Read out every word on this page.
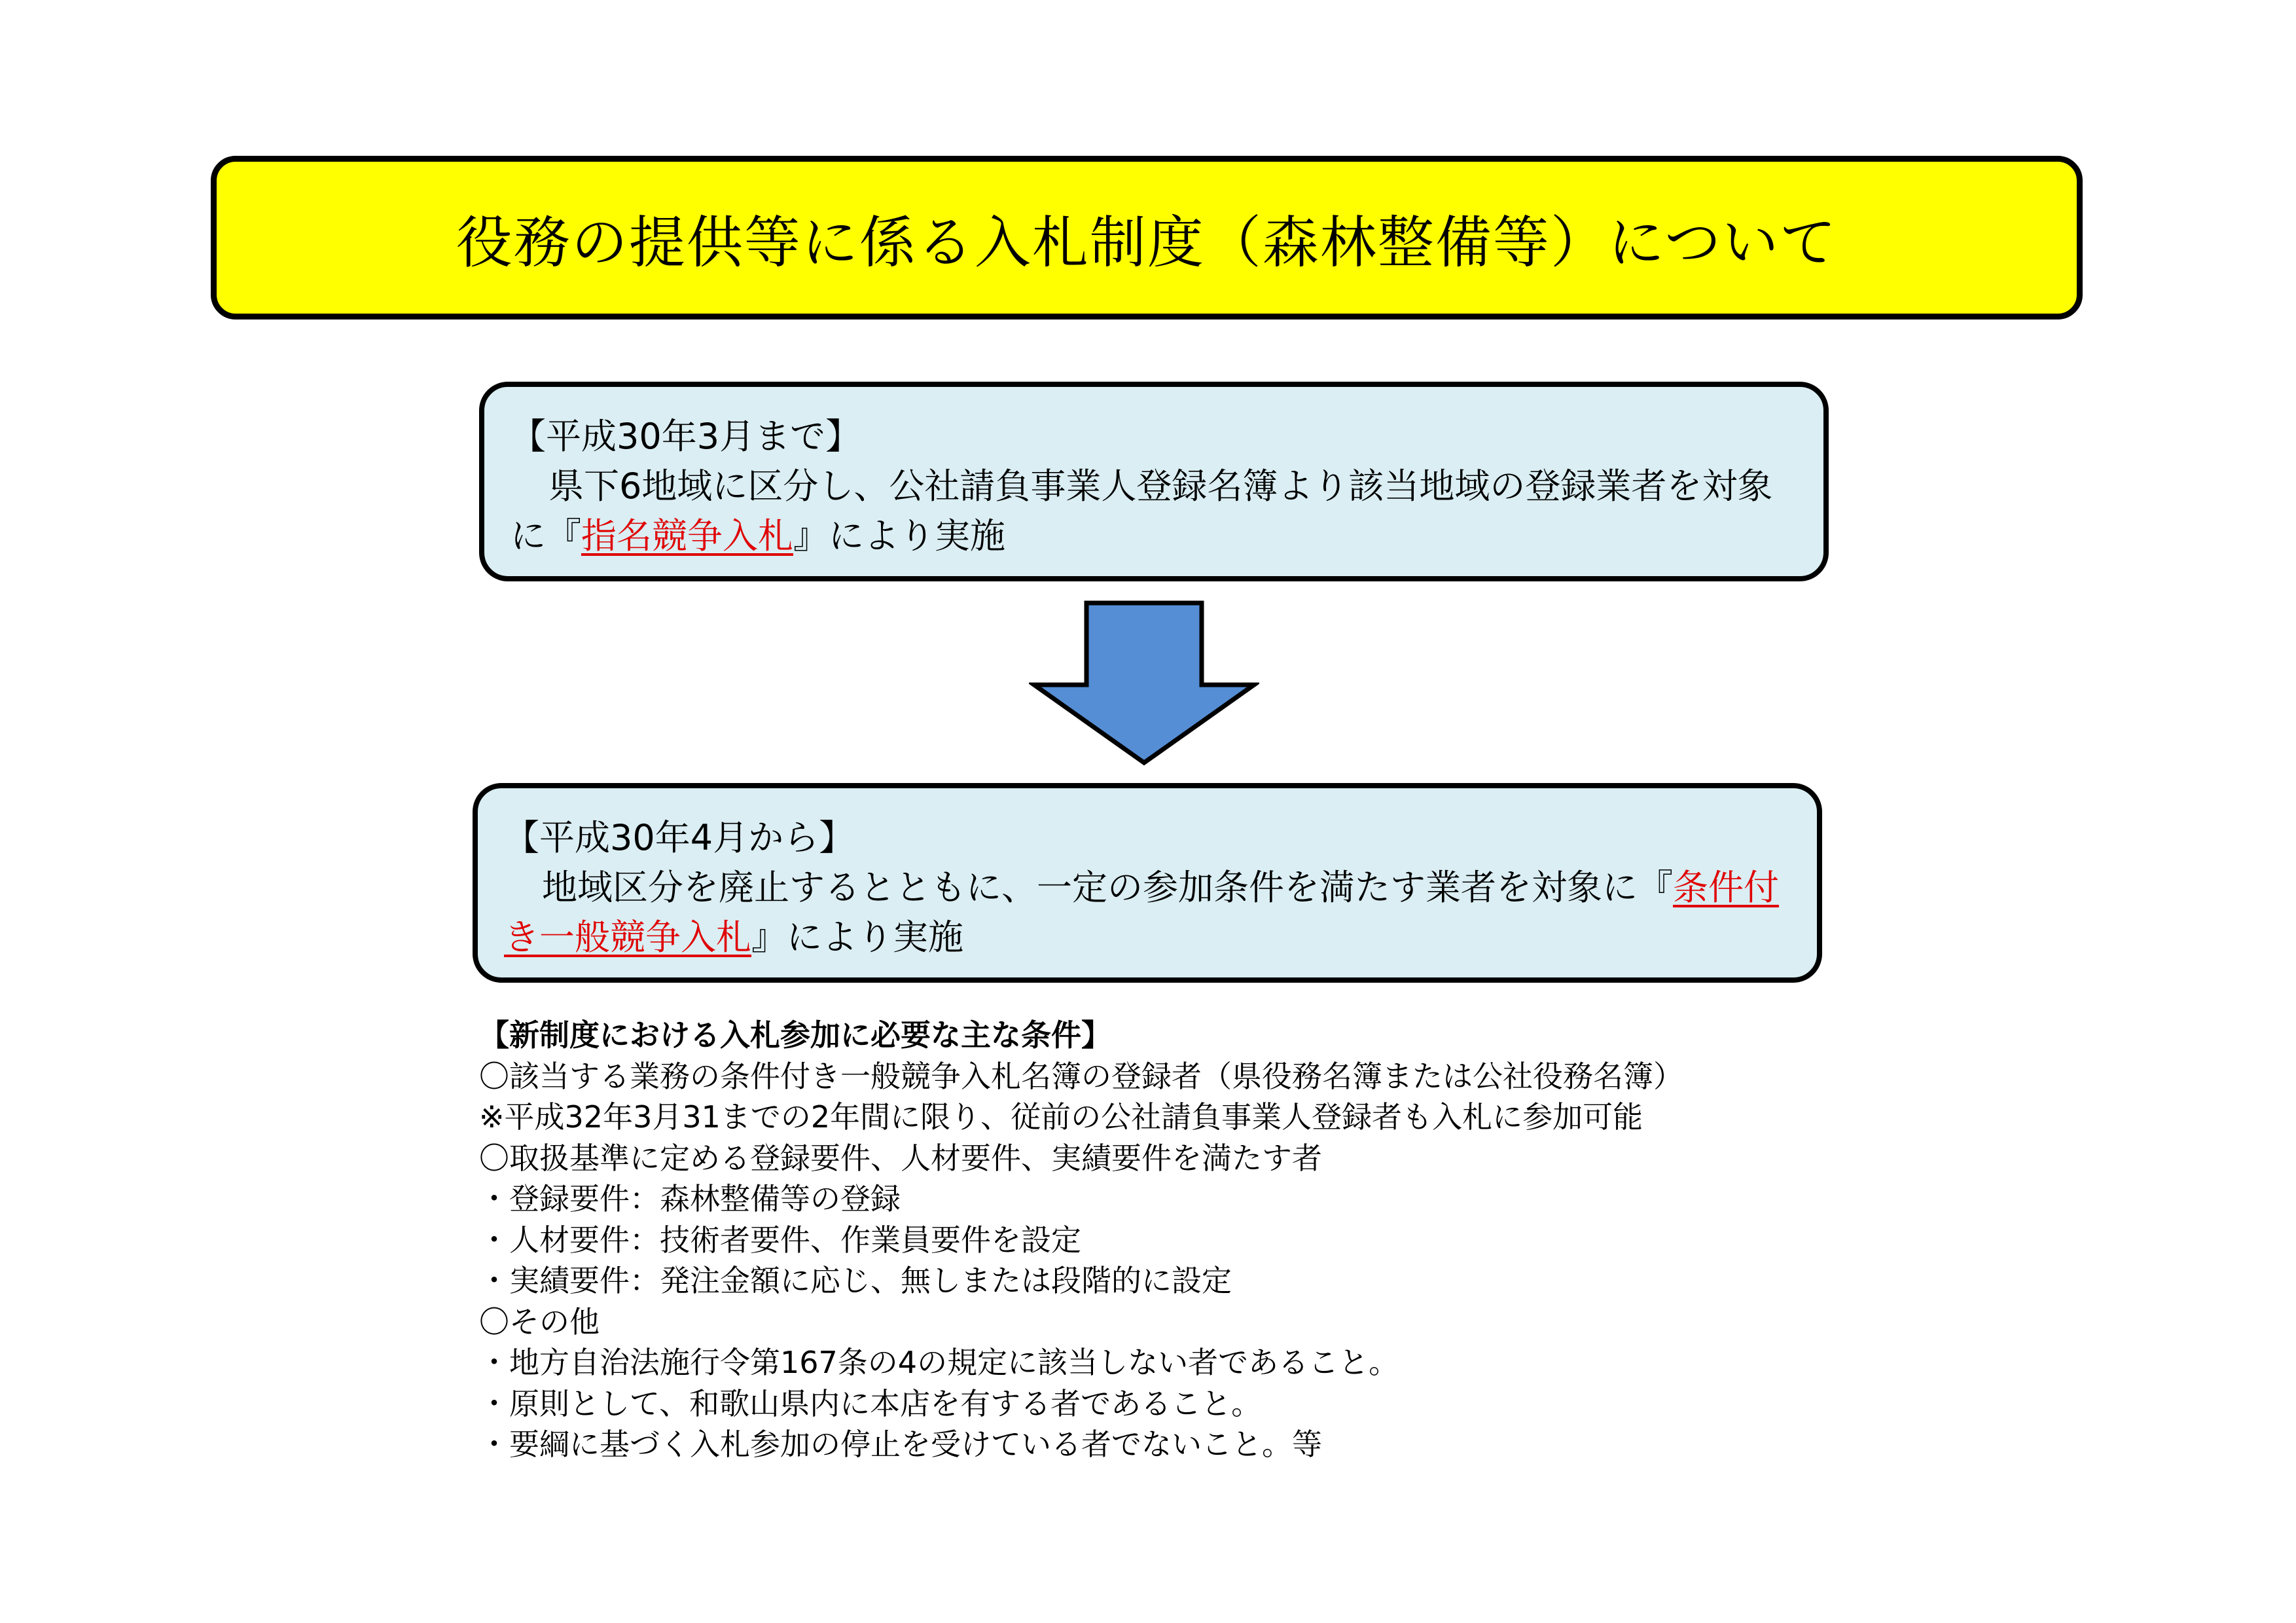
役務の提供等に係る入札制度（森林整備等）について
【平成30年3月まで】
県下6地域に区分し、公社請負事業人登録名簿より該当地域の登録業者を対象に『指名競争入札』により実施
【平成30年4月から】
地域区分を廃止するとともに、一定の参加条件を満たす業者を対象に『条件付き一般競争入札』により実施
【新制度における入札参加に必要な主な条件】
〇該当する業務の条件付き一般競争入札名簿の登録者（県役務名簿または公社役務名簿）
※平成32年3月31までの2年間に限り、従前の公社請負事業人登録者も入札に参加可能
〇取扱基準に定める登録要件、人材要件、実績要件を満たす者
・登録要件：森林整備等の登録
・人材要件：技術者要件、作業員要件を設定
・実績要件：発注金額に応じ、無しまたは段階的に設定
〇その他
・地方自治法施行令第167条の4の規定に該当しない者であること。
・原則として、和歌山県内に本店を有する者であること。
・要綱に基づく入札参加の停止を受けている者でないこと。等
